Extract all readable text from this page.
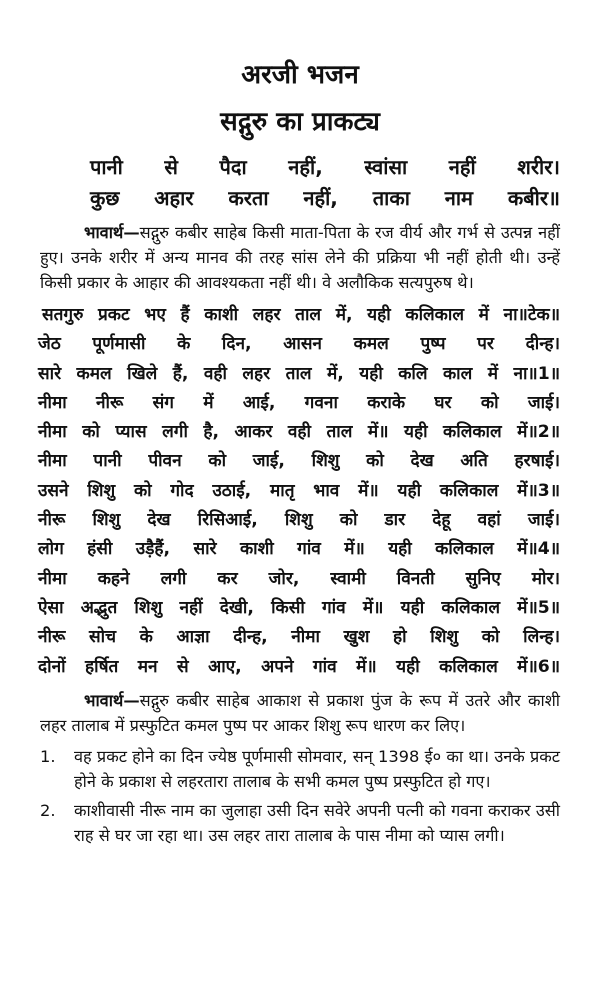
अरजी भजन
सद्गुरु का प्राकट्य
पानी से पैदा नहीं, स्वांसा नहीं शरीर।
कुछ अहार करता नहीं, ताका नाम कबीर॥

भावार्थ—सद्गुरु कबीर साहेब किसी माता-पिता के रज वीर्य और गर्भ से उत्पन्न नहीं हुए। उनके शरीर में अन्य मानव की तरह सांस लेने की प्रक्रिया भी नहीं होती थी। उन्हें किसी प्रकार के आहार की आवश्यकता नहीं थी। वे अलौकिक सत्यपुरुष थे।

सतगुरु प्रकट भए हैं काशी लहर ताल में, यही कलिकाल में ना॥टेक॥
जेठ पूर्णमासी के दिन, आसन कमल पुष्प पर दीन्ह।
सारे कमल खिले हैं, वही लहर ताल में, यही कलि काल में ना॥1॥
नीमा नीरू संग में आई, गवना कराके घर को जाई।
नीमा को प्यास लगी है, आकर वही ताल में॥ यही कलिकाल में॥2॥
नीमा पानी पीवन को जाई, शिशु को देख अति हरषाई।
उसने शिशु को गोद उठाई, मातृ भाव में॥ यही कलिकाल में॥3॥
नीरू शिशु देख रिसिआई, शिशु को डार देहू वहां जाई।
लोग हंसी उड़ैहैं, सारे काशी गांव में॥ यही कलिकाल में॥4॥
नीमा कहने लगी कर जोर, स्वामी विनती सुनिए मोर।
ऐसा अद्भुत शिशु नहीं देखी, किसी गांव में॥ यही कलिकाल में॥5॥
नीरू सोच के आज्ञा दीन्ह, नीमा खुश हो शिशु को लिन्ह।
दोनों हर्षित मन से आए, अपने गांव में॥ यही कलिकाल में॥6॥

भावार्थ—सद्गुरु कबीर साहेब आकाश से प्रकाश पुंज के रूप में उतरे और काशी लहर तालाब में प्रस्फुटित कमल पुष्प पर आकर शिशु रूप धारण कर लिए।

1.	वह प्रकट होने का दिन ज्येष्ठ पूर्णमासी सोमवार, सन् 1398 ई० का था। उनके प्रकट होने के प्रकाश से लहरतारा तालाब के सभी कमल पुष्प प्रस्फुटित हो गए।
2.	काशीवासी नीरू नाम का जुलाहा उसी दिन सवेरे अपनी पत्नी को गवना कराकर उसी राह से घर जा रहा था। उस लहर तारा तालाब के पास नीमा को प्यास लगी।
